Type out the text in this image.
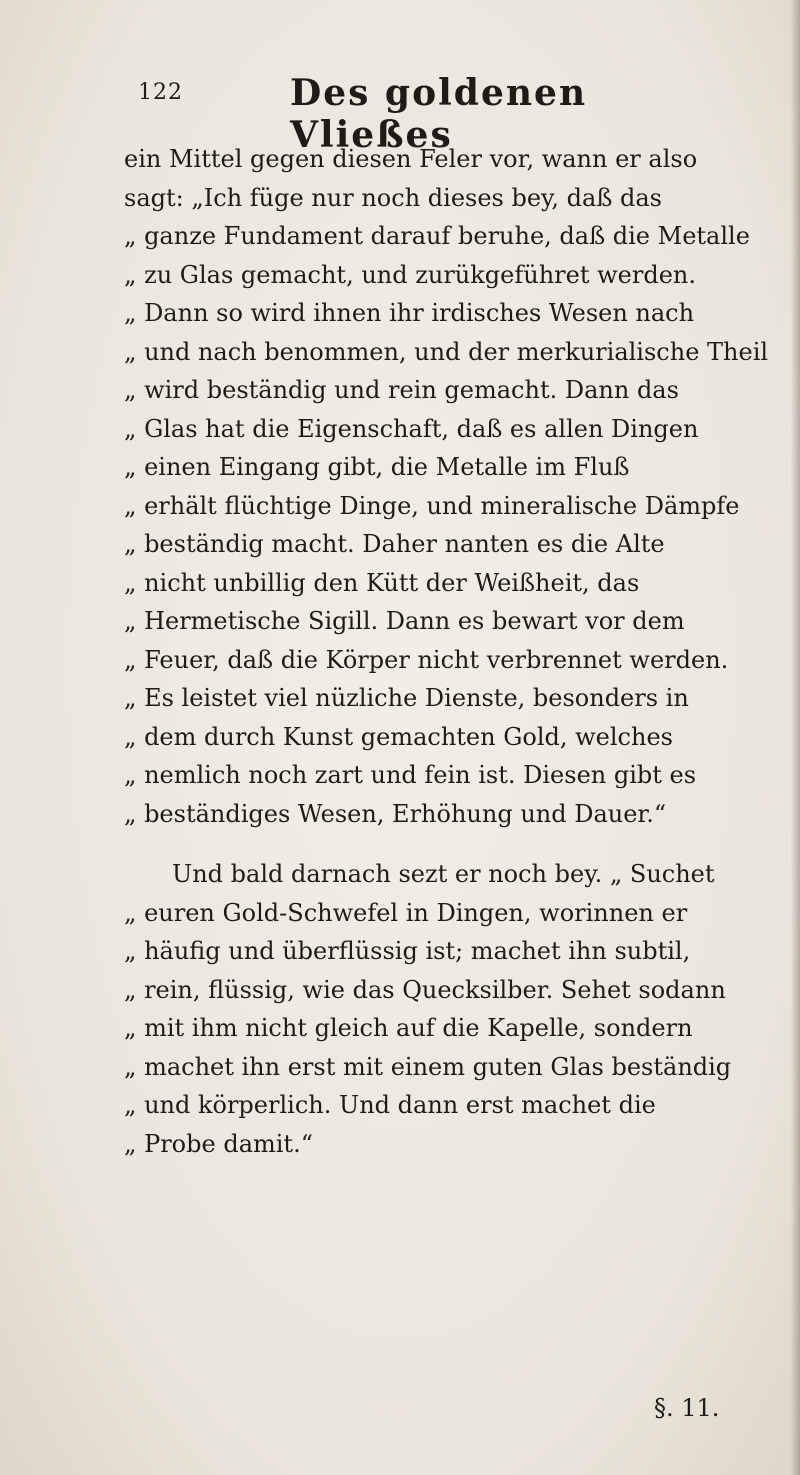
122	Des goldenen Vließes
ein Mittel gegen diesen Feler vor, wann er also
sagt: „Ich füge nur noch dieses bey, daß das
„ ganze Fundament darauf beruhe, daß die Metalle
„ zu Glas gemacht, und zurükgeführet werden.
„ Dann so wird ihnen ihr irdisches Wesen nach
„ und nach benommen, und der merkurialische Theil
„ wird beständig und rein gemacht. Dann das
„ Glas hat die Eigenschaft, daß es allen Dingen
„ einen Eingang gibt, die Metalle im Fluß
„ erhält flüchtige Dinge, und mineralische Dämpfe
„ beständig macht. Daher nanten es die Alte
„ nicht unbillig den Kütt der Weißheit, das
„ Hermetische Sigill. Dann es bewart vor dem
„ Feuer, daß die Körper nicht verbrennet werden.
„ Es leistet viel nüzliche Dienste, besonders in
„ dem durch Kunst gemachten Gold, welches
„ nemlich noch zart und fein ist. Diesen gibt es
„ beständiges Wesen, Erhöhung und Dauer.“
Und bald darnach sezt er noch bey. „ Suchet
„ euren Gold-Schwefel in Dingen, worinnen er
„ häufig und überflüssig ist; machet ihn subtil,
„ rein, flüssig, wie das Quecksilber. Sehet sodann
„ mit ihm nicht gleich auf die Kapelle, sondern
„ machet ihn erst mit einem guten Glas beständig
„ und körperlich. Und dann erst machet die
„ Probe damit.“
§. 11.
